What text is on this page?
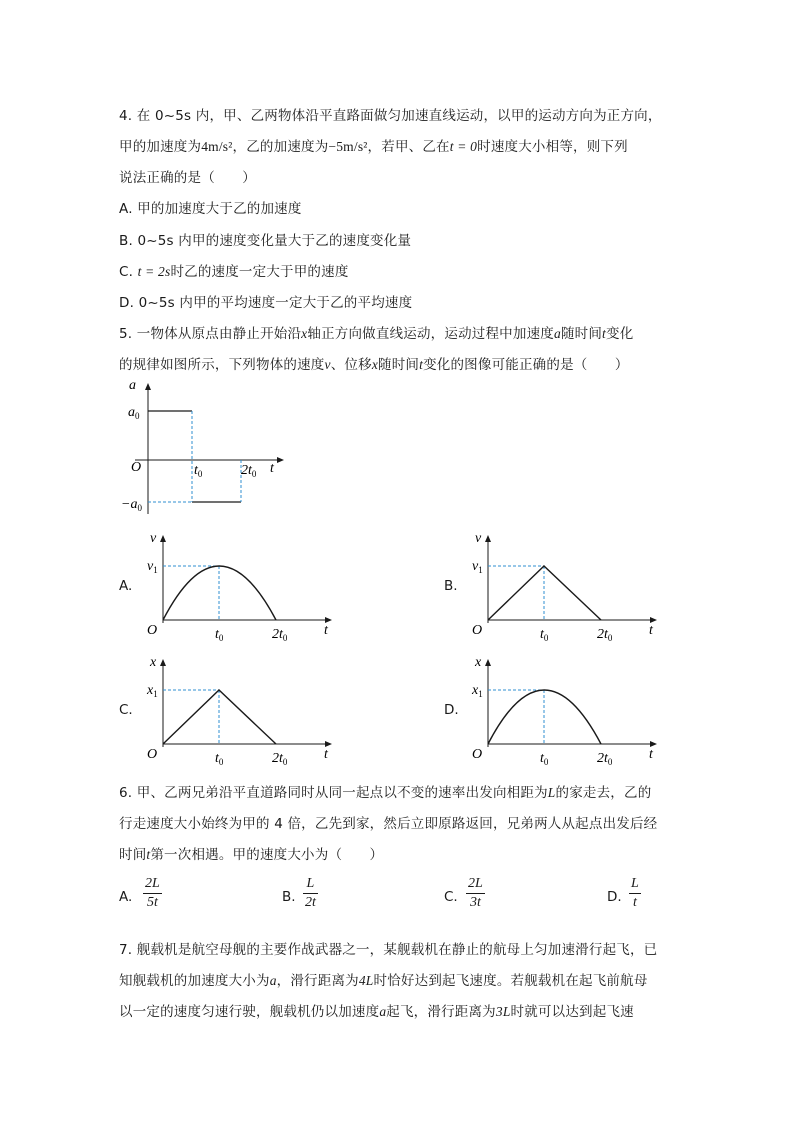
4. 在 0~5s 内，甲、乙两物体沿平直路面做匀加速直线运动，以甲的运动方向为正方向，
甲的加速度为4m/s²，乙的加速度为−5m/s²，若甲、乙在t = 0时速度大小相等，则下列
说法正确的是（　　）
A. 甲的加速度大于乙的加速度
B. 0~5s 内甲的速度变化量大于乙的速度变化量
C. t = 2s时乙的速度一定大于甲的速度
D. 0~5s 内甲的平均速度一定大于乙的平均速度
5. 一物体从原点由静止开始沿x轴正方向做直线运动，运动过程中加速度a随时间t变化
的规律如图所示，下列物体的速度v、位移x随时间t变化的图像可能正确的是（　　）
a
t
O
$a_0$
$-a_0$
$t_0$	$2t_0$
A.
v
$v_1$
O	$t_0$	$2t_0$	t
B.
v
$v_1$
O	$t_0$	$2t_0$	t
C.
x
$x_1$
O	$t_0$	$2t_0$	t
D.
x
$x_1$
O	$t_0$	$2t_0$	t
6. 甲、乙两兄弟沿平直道路同时从同一起点以不变的速率出发向相距为L的家走去，乙的
行走速度大小始终为甲的 4 倍，乙先到家，然后立即原路返回，兄弟两人从起点出发后经
时间t第一次相遇。甲的速度大小为（　　）
A.
2L
5t	B.
L
2t	C.
2L
3t	D.
L
t
7. 舰载机是航空母舰的主要作战武器之一，某舰载机在静止的航母上匀加速滑行起飞，已
知舰载机的加速度大小为a，滑行距离为4L时恰好达到起飞速度。若舰载机在起飞前航母
以一定的速度匀速行驶，舰载机仍以加速度a起飞，滑行距离为3L时就可以达到起飞速
